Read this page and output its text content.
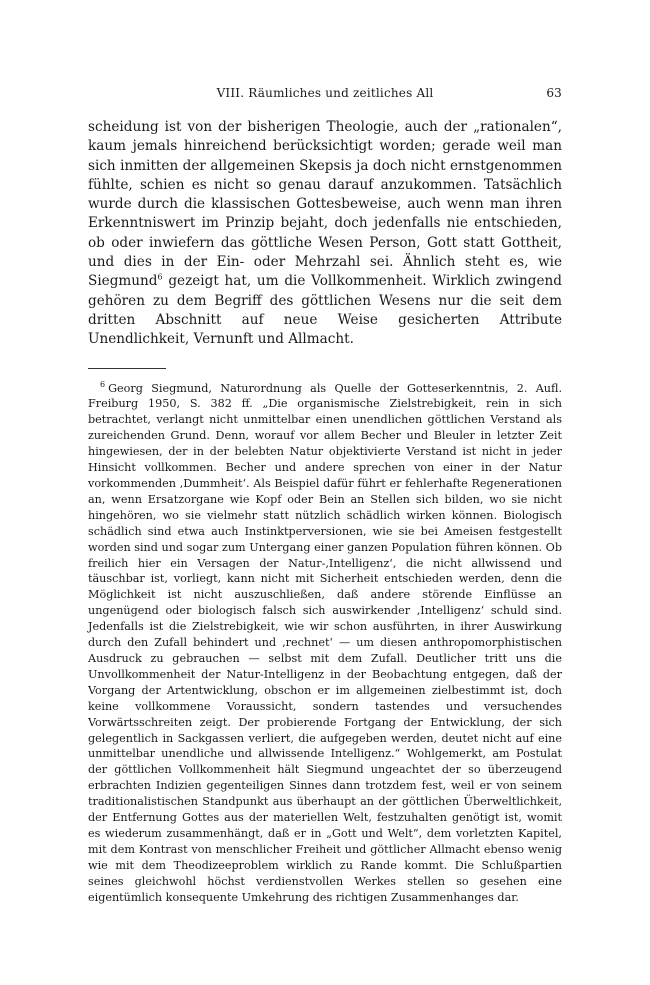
VIII. Räumliches und zeitliches All	63

scheidung ist von der bisherigen Theologie, auch der „rationalen“, kaum jemals hinreichend berücksichtigt worden; gerade weil man sich inmitten der allgemeinen Skepsis ja doch nicht ernstgenommen fühlte, schien es nicht so genau darauf anzukommen. Tatsächlich wurde durch die klassischen Gottesbeweise, auch wenn man ihren Erkenntniswert im Prinzip bejaht, doch jedenfalls nie entschieden, ob oder inwiefern das göttliche Wesen Person, Gott statt Gottheit, und dies in der Ein- oder Mehrzahl sei. Ähnlich steht es, wie Siegmund$^6$ gezeigt hat, um die Vollkommenheit. Wirklich zwingend gehören zu dem Begriff des göttlichen Wesens nur die seit dem dritten Abschnitt auf neue Weise gesicherten Attribute Unendlichkeit, Vernunft und Allmacht.

$^6$ Georg Siegmund, Naturordnung als Quelle der Gotteserkenntnis, 2. Aufl. Freiburg 1950, S. 382 ff. „Die organismische Zielstrebigkeit, rein in sich betrachtet, verlangt nicht unmittelbar einen unendlichen göttlichen Verstand als zureichenden Grund. Denn, worauf vor allem Becher und Bleuler in letzter Zeit hingewiesen, der in der belebten Natur objektivierte Verstand ist nicht in jeder Hinsicht vollkommen. Becher und andere sprechen von einer in der Natur vorkommenden ‚Dummheit‘. Als Beispiel dafür führt er fehlerhafte Regenerationen an, wenn Ersatzorgane wie Kopf oder Bein an Stellen sich bilden, wo sie nicht hingehören, wo sie vielmehr statt nützlich schädlich wirken können. Biologisch schädlich sind etwa auch Instinktperversionen, wie sie bei Ameisen festgestellt worden sind und sogar zum Untergang einer ganzen Population führen können. Ob freilich hier ein Versagen der Natur-‚Intelligenz‘, die nicht allwissend und täuschbar ist, vorliegt, kann nicht mit Sicherheit entschieden werden, denn die Möglichkeit ist nicht auszuschließen, daß andere störende Einflüsse an ungenügend oder biologisch falsch sich auswirkender ‚Intelligenz‘ schuld sind. Jedenfalls ist die Zielstrebigkeit, wie wir schon ausführten, in ihrer Auswirkung durch den Zufall behindert und ‚rechnet‘ — um diesen anthropomorphistischen Ausdruck zu gebrauchen — selbst mit dem Zufall. Deutlicher tritt uns die Unvollkommenheit der Natur-Intelligenz in der Beobachtung entgegen, daß der Vorgang der Artentwicklung, obschon er im allgemeinen zielbestimmt ist, doch keine vollkommene Voraussicht, sondern tastendes und versuchendes Vorwärtsschreiten zeigt. Der probierende Fortgang der Entwicklung, der sich gelegentlich in Sackgassen verliert, die aufgegeben werden, deutet nicht auf eine unmittelbar unendliche und allwissende Intelligenz.“ Wohlgemerkt, am Postulat der göttlichen Vollkommenheit hält Siegmund ungeachtet der so überzeugend erbrachten Indizien gegenteiligen Sinnes dann trotzdem fest, weil er von seinem traditionalistischen Standpunkt aus überhaupt an der göttlichen Überweltlichkeit, der Entfernung Gottes aus der materiellen Welt, festzuhalten genötigt ist, womit es wiederum zusammenhängt, daß er in „Gott und Welt“, dem vorletzten Kapitel, mit dem Kontrast von menschlicher Freiheit und göttlicher Allmacht ebenso wenig wie mit dem Theodizeeproblem wirklich zu Rande kommt. Die Schlußpartien seines gleichwohl höchst verdienstvollen Werkes stellen so gesehen eine eigentümlich konsequente Umkehrung des richtigen Zusammenhanges dar.
